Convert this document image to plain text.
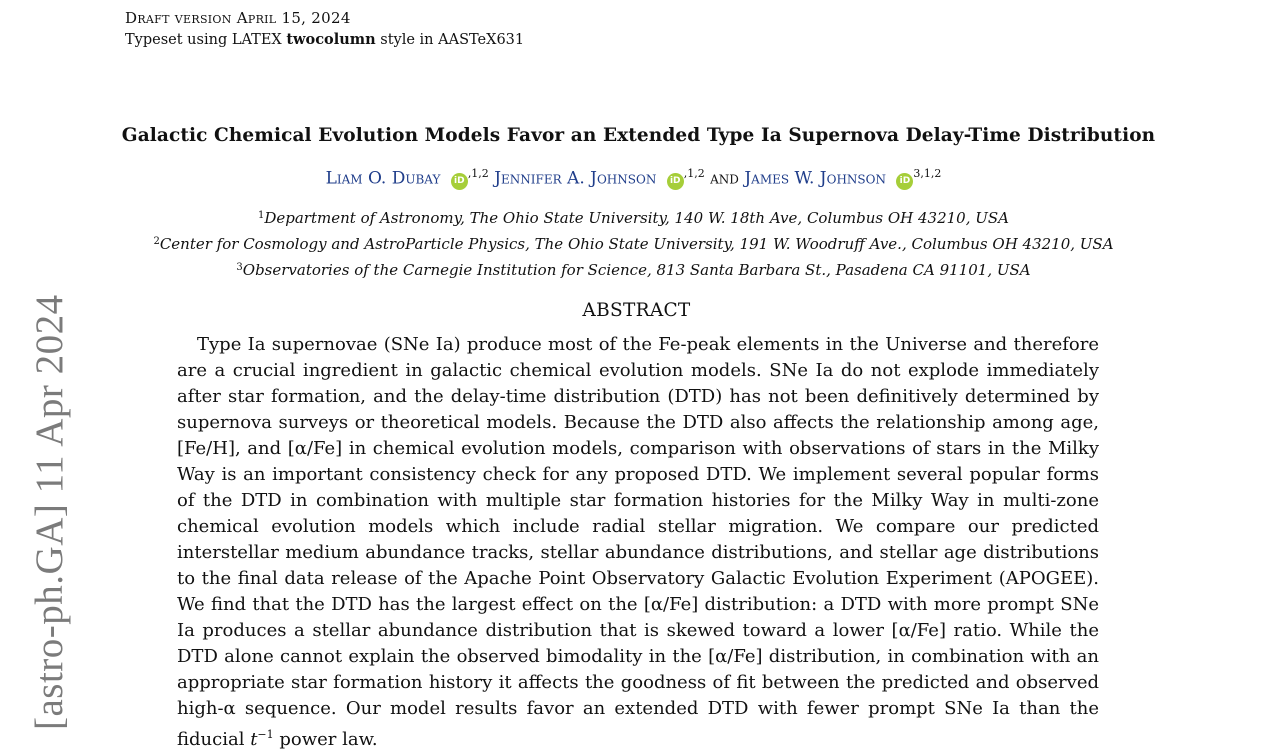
Draft version April 15, 2024
Typeset using LATEX twocolumn style in AASTeX631
[astro-ph.GA] 11 Apr 2024
Galactic Chemical Evolution Models Favor an Extended Type Ia Supernova Delay-Time Distribution
Liam O. Dubay $iD^{,1,2}$ Jennifer A. Johnson $iD^{,1,2}$ and James W. Johnson iD$^{3,1,2}$
$^1$Department of Astronomy, The Ohio State University, 140 W. 18th Ave, Columbus OH 43210, USA
$^2$Center for Cosmology and AstroParticle Physics, The Ohio State University, 191 W. Woodruff Ave., Columbus OH 43210, USA
$^3$Observatories of the Carnegie Institution for Science, 813 Santa Barbara St., Pasadena CA 91101, USA
ABSTRACT
Type Ia supernovae (SNe Ia) produce most of the Fe-peak elements in the Universe and therefore are a crucial ingredient in galactic chemical evolution models. SNe Ia do not explode immediately after star formation, and the delay-time distribution (DTD) has not been definitively determined by supernova surveys or theoretical models. Because the DTD also affects the relationship among age, [Fe/H], and [α/Fe] in chemical evolution models, comparison with observations of stars in the Milky Way is an important consistency check for any proposed DTD. We implement several popular forms of the DTD in combination with multiple star formation histories for the Milky Way in multi-zone chemical evolution models which include radial stellar migration. We compare our predicted interstellar medium abundance tracks, stellar abundance distributions, and stellar age distributions to the final data release of the Apache Point Observatory Galactic Evolution Experiment (APOGEE). We find that the DTD has the largest effect on the [α/Fe] distribution: a DTD with more prompt SNe Ia produces a stellar abundance distribution that is skewed toward a lower [α/Fe] ratio. While the DTD alone cannot explain the observed bimodality in the [α/Fe] distribution, in combination with an appropriate star formation history it affects the goodness of fit between the predicted and observed high-α sequence. Our model results favor an extended DTD with fewer prompt SNe Ia than the fiducial $t^{-1}$ power law.
